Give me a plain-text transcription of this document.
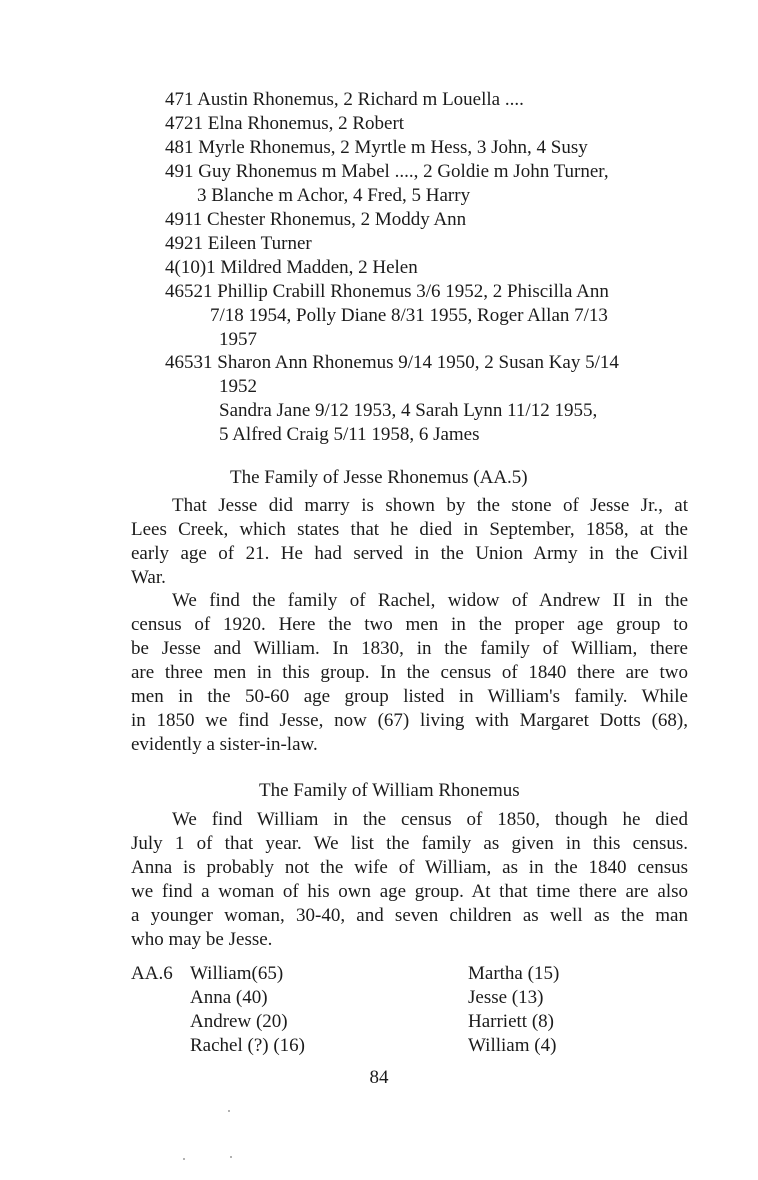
471 Austin Rhonemus, 2 Richard m Louella ....
4721 Elna Rhonemus, 2 Robert
481 Myrle Rhonemus, 2 Myrtle m Hess, 3 John, 4 Susy
491 Guy Rhonemus m Mabel ...., 2 Goldie m John Turner,
3 Blanche m Achor, 4 Fred, 5 Harry
4911 Chester Rhonemus, 2 Moddy Ann
4921 Eileen Turner
4(10)1 Mildred Madden, 2 Helen
46521 Phillip Crabill Rhonemus 3/6 1952, 2 Phiscilla Ann
7/18 1954, Polly Diane 8/31 1955, Roger Allan 7/13
1957
46531 Sharon Ann Rhonemus 9/14 1950, 2 Susan Kay 5/14
1952
Sandra Jane 9/12 1953, 4 Sarah Lynn 11/12 1955,
5 Alfred Craig 5/11 1958, 6 James
The Family of Jesse Rhonemus (AA.5)
That Jesse did marry is shown by the stone of Jesse Jr., at
Lees Creek, which states that he died in September, 1858, at the
early age of 21. He had served in the Union Army in the Civil
War.
We find the family of Rachel, widow of Andrew II in the
census of 1920. Here the two men in the proper age group to
be Jesse and William. In 1830, in the family of William, there
are three men in this group. In the census of 1840 there are two
men in the 50-60 age group listed in William's family. While
in 1850 we find Jesse, now (67) living with Margaret Dotts (68),
evidently a sister-in-law.
The Family of William Rhonemus
We find William in the census of 1850, though he died
July 1 of that year. We list the family as given in this census.
Anna is probably not the wife of William, as in the 1840 census
we find a woman of his own age group. At that time there are also
a younger woman, 30-40, and seven children as well as the man
who may be Jesse.
AA.6 William(65)
Anna (40)
Andrew (20)
Rachel (?) (16)
Martha (15)
Jesse (13)
Harriett (8)
William (4)
84
